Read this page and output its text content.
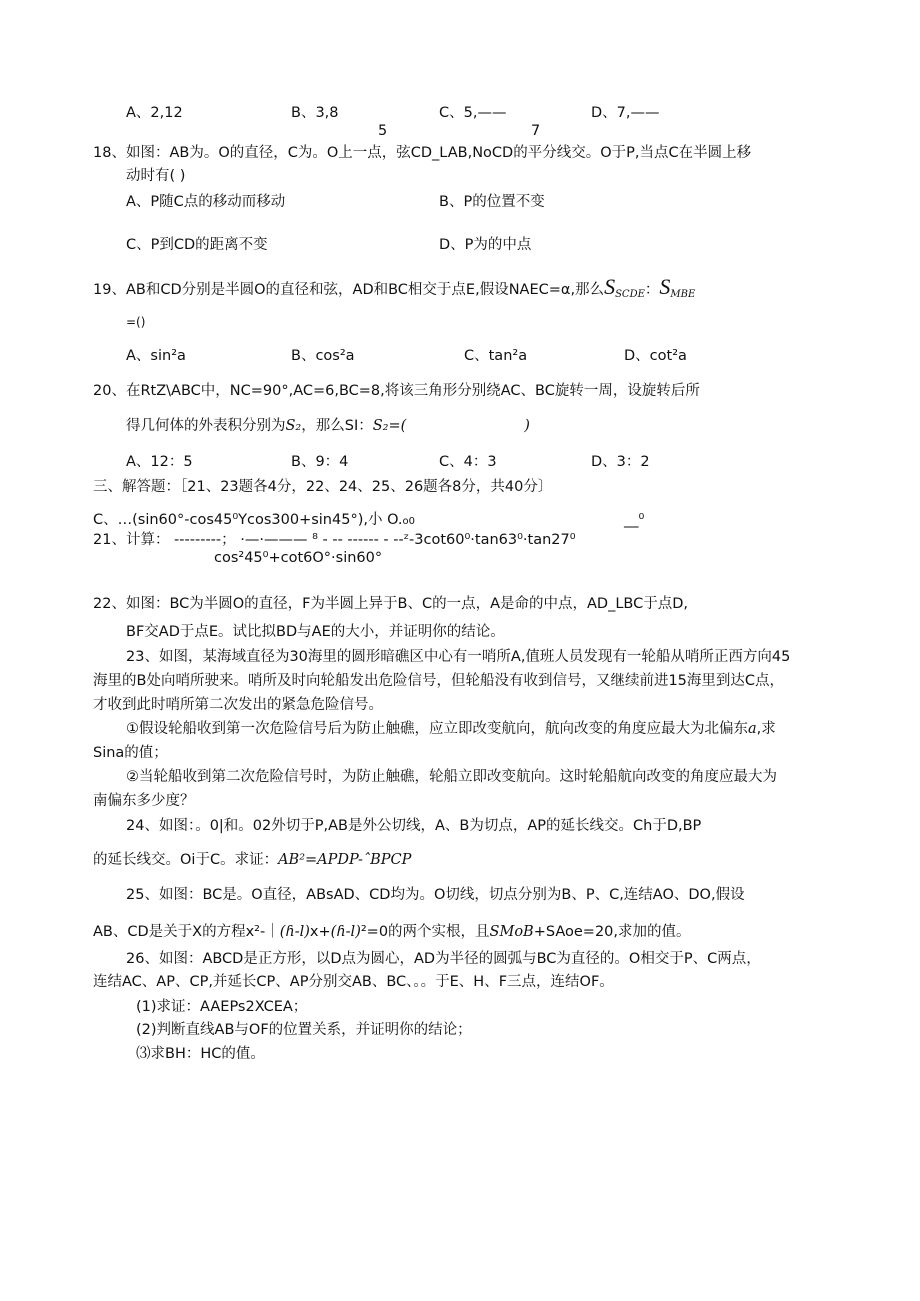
A、2,12	B、3,8	C、5,——	D、7,——
5	7
18、如图：AB为。O的直径，C为。O上一点，弦CD_LAB,NoCD的平分线交。O于P,当点C在半圆上移
动时有( )
A、P随C点的移动而移动	B、P的位置不变
C、P到CD的距离不变	D、P为的中点
19、AB和CD分别是半圆O的直径和弦，AD和BC相交于点E,假设NAEC=α,那么$S_{SCDE}$：$S_{MBE}$
=()
A、sin²a	B、cos²a	C、tan²a	D、cot²a
20、在RtZ\ABC中，NC=90°,AC=6,BC=8,将该三角形分别绕AC、BC旋转一周，设旋转后所
得几何体的外表积分别为S₂，那么SI：S₂=(	)
A、12：5	B、9：4	C、4：3	D、3：2
三、解答题：［21、23题各4分，22、24、25、26题各8分，共40分〕
C、…(sin60°-cos45⁰Ycos300+sin45°),小 O.o0	__⁰
21、计算： ---------； ·—·——— ⁸ - -- ------ - --ᶻ-3cot60⁰·tan63⁰·tan27⁰
cos²45⁰+cot6O°·sin60°
22、如图：BC为半圆O的直径，F为半圆上异于B、C的一点，A是命的中点，AD_LBC于点D,
BF交AD于点E。试比拟BD与AE的大小，并证明你的结论。
23、如图，某海域直径为30海里的圆形暗礁区中心有一哨所A,值班人员发现有一轮船从哨所正西方向45
海里的B处向哨所驶来。哨所及时向轮船发出危险信号，但轮船没有收到信号，又继续前进15海里到达C点，
才收到此时哨所第二次发出的紧急危险信号。
①假设轮船收到第一次危险信号后为防止触礁，应立即改变航向，航向改变的角度应最大为北偏东a,求
Sina的值；
②当轮船收到第二次危险信号时，为防止触礁，轮船立即改变航向。这时轮船航向改变的角度应最大为
南偏东多少度？
24、如图：。0|和。02外切于P,AB是外公切线，A、B为切点，AP的延长线交。Ch于D,BP
的延长线交。Oi于C。求证：AB²=APDP-ˆBPCP
25、如图：BC是。O直径，ABsAD、CD均为。O切线，切点分别为B、P、C,连结AO、DO,假设
AB、CD是关于X的方程x²-｜(ɦ-l)x+(ɦ-l)²=0的两个实根，且SMoB+SAoe=20,求加的值。
26、如图：ABCD是正方形，以D点为圆心，AD为半径的圆弧与BC为直径的。O相交于P、C两点，
连结AC、AP、CP,并延长CP、AP分别交AB、BC、。。于E、H、F三点，连结OF。
(1)求证：AAEPs2XCEA；
(2)判断直线AB与OF的位置关系，并证明你的结论；
⑶求BH：HC的值。
